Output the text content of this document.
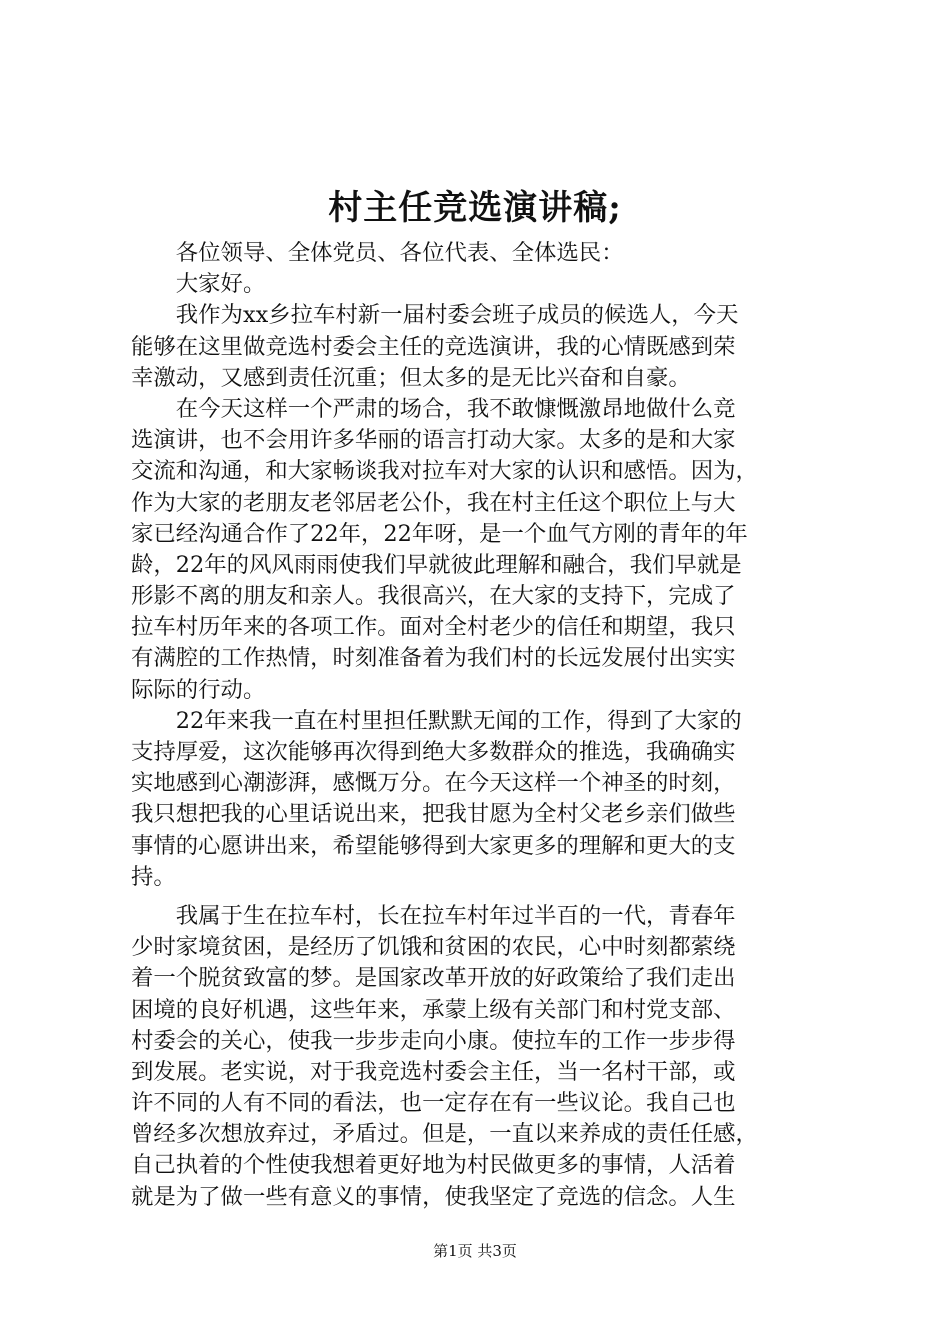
村主任竞选演讲稿;
　　各位领导、全体党员、各位代表、全体选民：
　　大家好。
　　我作为xx乡拉车村新一届村委会班子成员的候选人，今天
能够在这里做竞选村委会主任的竞选演讲，我的心情既感到荣
幸激动，又感到责任沉重；但太多的是无比兴奋和自豪。
　　在今天这样一个严肃的场合，我不敢慷慨激昂地做什么竞
选演讲，也不会用许多华丽的语言打动大家。太多的是和大家
交流和沟通，和大家畅谈我对拉车对大家的认识和感悟。因为，
作为大家的老朋友老邻居老公仆，我在村主任这个职位上与大
家已经沟通合作了22年，22年呀，是一个血气方刚的青年的年
龄，22年的风风雨雨使我们早就彼此理解和融合，我们早就是
形影不离的朋友和亲人。我很高兴，在大家的支持下，完成了
拉车村历年来的各项工作。面对全村老少的信任和期望，我只
有满腔的工作热情，时刻准备着为我们村的长远发展付出实实
际际的行动。
　　22年来我一直在村里担任默默无闻的工作，得到了大家的
支持厚爱，这次能够再次得到绝大多数群众的推选，我确确实
实地感到心潮澎湃，感慨万分。在今天这样一个神圣的时刻，
我只想把我的心里话说出来，把我甘愿为全村父老乡亲们做些
事情的心愿讲出来，希望能够得到大家更多的理解和更大的支
持。
　　我属于生在拉车村，长在拉车村年过半百的一代，青春年
少时家境贫困，是经历了饥饿和贫困的农民，心中时刻都萦绕
着一个脱贫致富的梦。是国家改革开放的好政策给了我们走出
困境的良好机遇，这些年来，承蒙上级有关部门和村党支部、
村委会的关心，使我一步步走向小康。使拉车的工作一步步得
到发展。老实说，对于我竞选村委会主任，当一名村干部，或
许不同的人有不同的看法，也一定存在有一些议论。我自己也
曾经多次想放弃过，矛盾过。但是，一直以来养成的责任任感，
自己执着的个性使我想着更好地为村民做更多的事情，人活着
就是为了做一些有意义的事情，使我坚定了竞选的信念。人生
第1页 共3页
